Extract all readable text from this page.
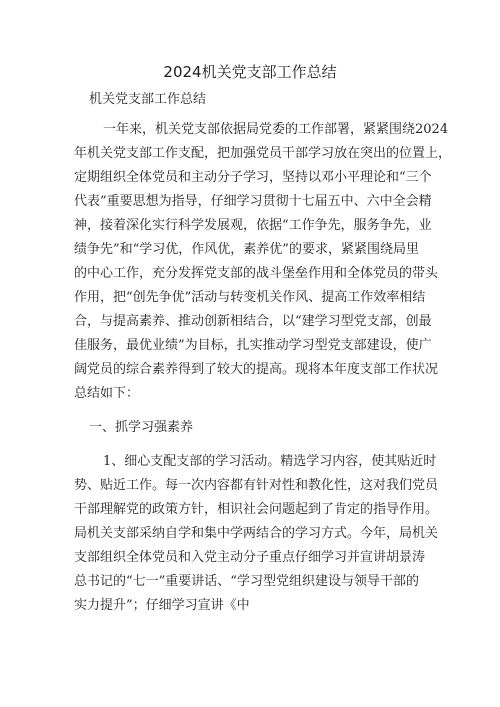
2024机关党支部工作总结

机关党支部工作总结

一年来，机关党支部依据局党委的工作部署，紧紧围绕2024

年机关党支部工作支配，把加强党员干部学习放在突出的位置上，

定期组织全体党员和主动分子学习，坚持以邓小平理论和“三个

代表”重要思想为指导，仔细学习贯彻十七届五中、六中全会精

神，接着深化实行科学发展观，依据“工作争先，服务争先，业

绩争先”和“学习优，作风优，素养优”的要求，紧紧围绕局里

的中心工作，充分发挥党支部的战斗堡垒作用和全体党员的带头

作用，把“创先争优”活动与转变机关作风、提高工作效率相结

合，与提高素养、推动创新相结合，以“建学习型党支部，创最

佳服务，最优业绩”为目标，扎实推动学习型党支部建设，使广

阔党员的综合素养得到了较大的提高。现将本年度支部工作状况

总结如下：

一、抓学习强素养

1、细心支配支部的学习活动。精选学习内容，使其贴近时

势、贴近工作。每一次内容都有针对性和教化性，这对我们党员

干部理解党的政策方针，相识社会问题起到了肯定的指导作用。

局机关支部采纳自学和集中学两结合的学习方式。今年，局机关

支部组织全体党员和入党主动分子重点仔细学习并宣讲胡景涛

总书记的“七一”重要讲话、“学习型党组织建设与领导干部的

实力提升”；仔细学习宣讲《中
